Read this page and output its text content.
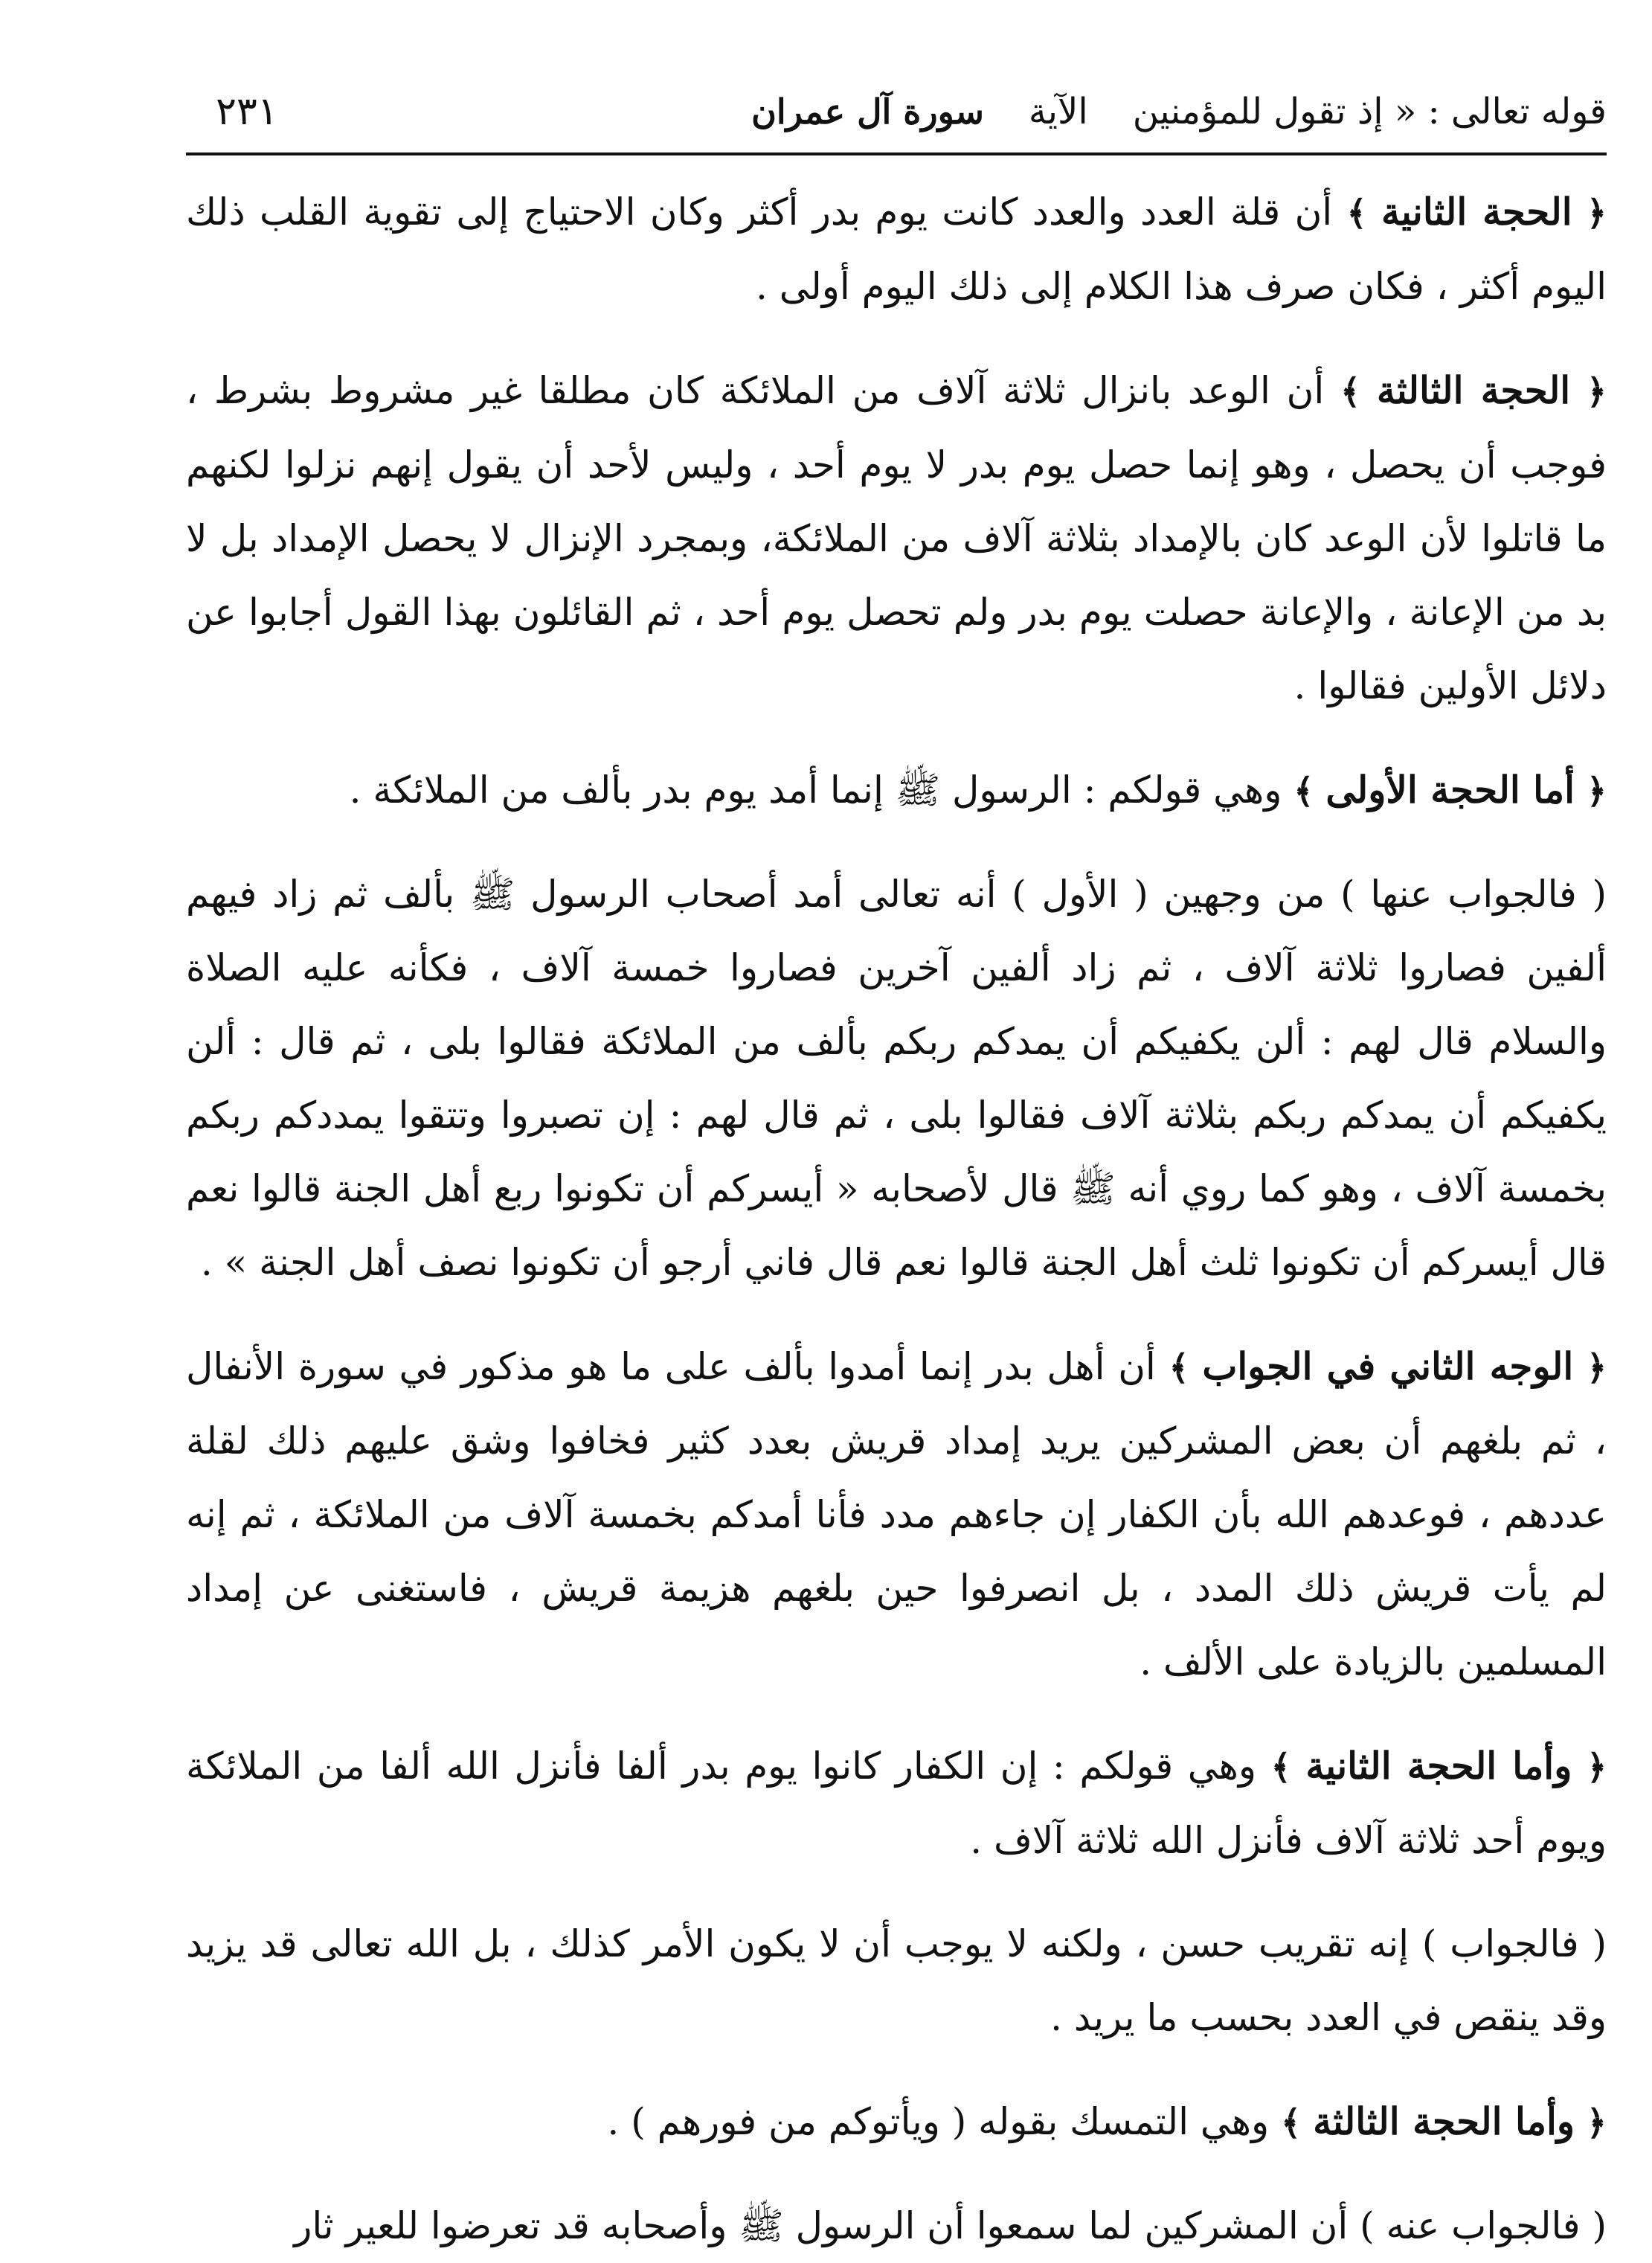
قوله تعالى : « إذ تقول للمؤمنين
الآية
سورة آل عمران
٢٣١

﴿ الحجة الثانية ﴾ أن قلة العدد والعدد كانت يوم بدر أكثر وكان الاحتياج إلى تقوية القلب ذلك اليوم أكثر ، فكان صرف هذا الكلام إلى ذلك اليوم أولى .

﴿ الحجة الثالثة ﴾ أن الوعد بانزال ثلاثة آلاف من الملائكة كان مطلقا غير مشروط بشرط ، فوجب أن يحصل ، وهو إنما حصل يوم بدر لا يوم أحد ، وليس لأحد أن يقول إنهم نزلوا لكنهم ما قاتلوا لأن الوعد كان بالإمداد بثلاثة آلاف من الملائكة، وبمجرد الإنزال لا يحصل الإمداد بل لا بد من الإعانة ، والإعانة حصلت يوم بدر ولم تحصل يوم أحد ، ثم القائلون بهذا القول أجابوا عن دلائل الأولين فقالوا .

﴿ أما الحجة الأولى ﴾ وهي قولكم : الرسول ﷺ إنما أمد يوم بدر بألف من الملائكة .

( فالجواب عنها ) من وجهين ( الأول ) أنه تعالى أمد أصحاب الرسول ﷺ بألف ثم زاد فيهم ألفين فصاروا ثلاثة آلاف ، ثم زاد ألفين آخرين فصاروا خمسة آلاف ، فكأنه عليه الصلاة والسلام قال لهم : ألن يكفيكم أن يمدكم ربكم بألف من الملائكة فقالوا بلى ، ثم قال : ألن يكفيكم أن يمدكم ربكم بثلاثة آلاف فقالوا بلى ، ثم قال لهم : إن تصبروا وتتقوا يمددكم ربكم بخمسة آلاف ، وهو كما روي أنه ﷺ قال لأصحابه « أيسركم أن تكونوا ربع أهل الجنة قالوا نعم قال أيسركم أن تكونوا ثلث أهل الجنة قالوا نعم قال فاني أرجو أن تكونوا نصف أهل الجنة » .

﴿ الوجه الثاني في الجواب ﴾ أن أهل بدر إنما أمدوا بألف على ما هو مذكور في سورة الأنفال ، ثم بلغهم أن بعض المشركين يريد إمداد قريش بعدد كثير فخافوا وشق عليهم ذلك لقلة عددهم ، فوعدهم الله بأن الكفار إن جاءهم مدد فأنا أمدكم بخمسة آلاف من الملائكة ، ثم إنه لم يأت قريش ذلك المدد ، بل انصرفوا حين بلغهم هزيمة قريش ، فاستغنى عن إمداد المسلمين بالزيادة على الألف .

﴿ وأما الحجة الثانية ﴾ وهي قولكم : إن الكفار كانوا يوم بدر ألفا فأنزل الله ألفا من الملائكة ويوم أحد ثلاثة آلاف فأنزل الله ثلاثة آلاف .

( فالجواب ) إنه تقريب حسن ، ولكنه لا يوجب أن لا يكون الأمر كذلك ، بل الله تعالى قد يزيد وقد ينقص في العدد بحسب ما يريد .

﴿ وأما الحجة الثالثة ﴾ وهي التمسك بقوله ( ويأتوكم من فورهم ) .

( فالجواب عنه ) أن المشركين لما سمعوا أن الرسول ﷺ وأصحابه قد تعرضوا للعير ثار
